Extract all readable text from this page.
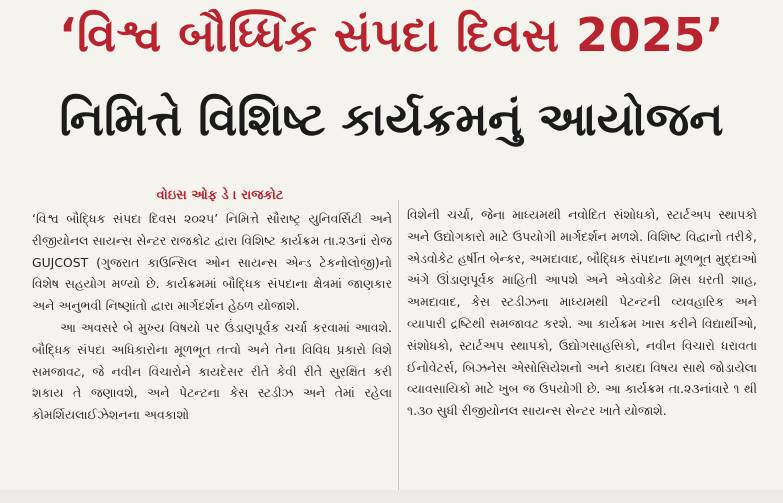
‘વિશ્વ બૌધ્ધિક સંપદા દિવસ 2025’
નિમિત્તે વિશિષ્ટ કાર્યક્રમનું આયોજન
વોઇસ ઓફ ડે । રાજકોટ

‘વિશ્વ બૌદ્ધિક સંપદા દિવસ ૨૦૨૫’ નિમિત્તે સૌરાષ્ટ્ર યુનિવર્સિટી અને રીજીયોનલ સાયન્સ સેન્ટર રાજકોટ દ્વારા વિશિષ્ટ કાર્યક્રમ તા.૨૩નાં રોજ GUJCOST (ગુજરાત કાઉન્સિલ ઓન સાયન્સ એન્ડ ટેકનોલોજી)નો વિશેષ સહયોગ મળ્યો છે. કાર્યક્રમમાં બૌદ્ધિક સંપદાના ક્ષેત્રમાં જાણકાર અને અનુભવી નિષ્ણાંતો દ્વારા માર્ગદર્શન હેઠળ યોજાશે.

આ અવસરે બે મુખ્ય વિષયો પર ઉંડાણપૂર્વક ચર્ચા કરવામાં આવશે. બૌદ્ધિક સંપદા અધિકારોના મૂળભૂત તત્વો અને તેના વિવિધ પ્રકારો વિશે સમજાવટ, જે નવીન વિચારોને કાયદેસર રીતે કેવી રીતે સુરક્ષિત કરી શકાય તે જણાવશે, અને પેટન્ટના કેસ સ્ટડીઝ અને તેમાં રહેલા કોમર્શિયલાઈઝેશનના અવકાશો

વિશેની ચર્ચા, જેના માધ્યમથી નવોદિત સંશોધકો, સ્ટાર્ટઅપ સ્થાપકો અને ઉદ્યોગકારો માટે ઉપયોગી માર્ગદર્શન મળશે. વિશિષ્ટ વિદ્વાનો તરીકે, એડવોકેટ હર્ષીત બેન્કર, અમદાવાદ, બૌદ્ધિક સંપદાના મૂળભૂત મુદ્દાઓ અંગે ઊંડાણપૂર્વક માહિતી આપશે અને એડવોકેટ મિસ ધરતી શાહ, અમદાવાદ, કેસ સ્ટડીઝના માધ્યમથી પેટન્ટની વ્યવહારિક અને વ્યાપારી દ્રષ્ટિથી સમજાવટ કરશે. આ કાર્યક્રમ ખાસ કરીને વિદ્યાર્થીઓ, સંશોધકો, સ્ટાર્ટઅપ સ્થાપકો, ઉદ્યોગસાહસિકો, નવીન વિચારો ધરાવતા ઈનોવેટર્સ, બિઝનેસ એસોસિયેશનો અને કાયદા વિષય સાથે જોડાયેલા વ્યાવસાયિકો માટે ખુબ જ ઉપયોગી છે. આ કાર્યક્રમ તા.૨૩નાંવારે ૧ થી ૧.૩૦ સુધી રીજીયોનલ સાયન્સ સેન્ટર ખાતે યોજાશે.
